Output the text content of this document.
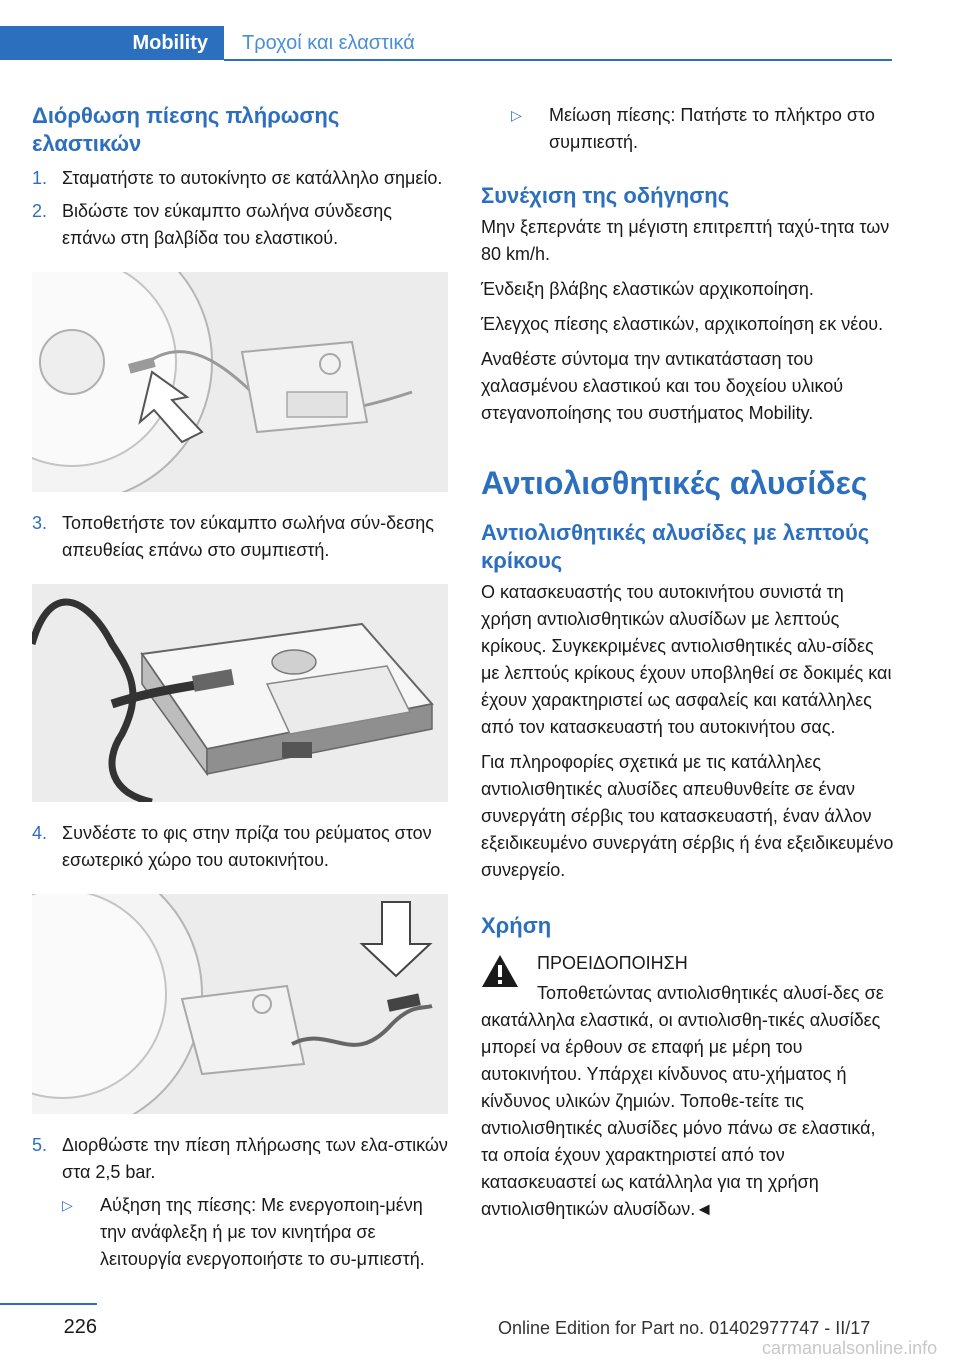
Mobility	Τροχοί και ελαστικά
Διόρθωση πίεσης πλήρωσης ελαστικών
1. Σταματήστε το αυτοκίνητο σε κατάλληλο σημείο.
2. Βιδώστε τον εύκαμπτο σωλήνα σύνδεσης επάνω στη βαλβίδα του ελαστικού.
3. Τοποθετήστε τον εύκαμπτο σωλήνα σύν‐δεσης απευθείας επάνω στο συμπιεστή.
4. Συνδέστε το φις στην πρίζα του ρεύματος στον εσωτερικό χώρο του αυτοκινήτου.
5. Διορθώστε την πίεση πλήρωσης των ελα‐στικών στα 2,5 bar.
▷ Αύξηση της πίεσης: Με ενεργοποιη‐μένη την ανάφλεξη ή με τον κινητήρα σε λειτουργία ενεργοποιήστε το συ‐μπιεστή.
▷ Μείωση πίεσης: Πατήστε το πλήκτρο στο συμπιεστή.
Συνέχιση της οδήγησης
Μην ξεπερνάτε τη μέγιστη επιτρεπτή ταχύ‐τητα των 80 km/h.
Ένδειξη βλάβης ελαστικών αρχικοποίηση.
Έλεγχος πίεσης ελαστικών, αρχικοποίηση εκ νέου.
Αναθέστε σύντομα την αντικατάσταση του χαλασμένου ελαστικού και του δοχείου υλικού στεγανοποίησης του συστήματος Mobility.
Αντιολισθητικές αλυσίδες
Αντιολισθητικές αλυσίδες με λεπτούς κρίκους
Ο κατασκευαστής του αυτοκινήτου συνιστά τη χρήση αντιολισθητικών αλυσίδων με λεπτούς κρίκους. Συγκεκριμένες αντιολισθητικές αλυ‐σίδες με λεπτούς κρίκους έχουν υποβληθεί σε δοκιμές και έχουν χαρακτηριστεί ως ασφαλείς και κατάλληλες από τον κατασκευαστή του αυτοκινήτου σας.
Για πληροφορίες σχετικά με τις κατάλληλες αντιολισθητικές αλυσίδες απευθυνθείτε σε έναν συνεργάτη σέρβις του κατασκευαστή, έναν άλλον εξειδικευμένο συνεργάτη σέρβις ή ένα εξειδικευμένο συνεργείο.
Χρήση
ΠΡΟΕΙΔΟΠΟΙΗΣΗ
Τοποθετώντας αντιολισθητικές αλυσί‐δες σε ακατάλληλα ελαστικά, οι αντιολισθη‐τικές αλυσίδες μπορεί να έρθουν σε επαφή με μέρη του αυτοκινήτου. Υπάρχει κίνδυνος ατυ‐χήματος ή κίνδυνος υλικών ζημιών. Τοποθε‐τείτε τις αντιολισθητικές αλυσίδες μόνο πάνω σε ελαστικά, τα οποία έχουν χαρακτηριστεί από τον κατασκευαστεί ως κατάλληλα για τη χρήση αντιολισθητικών αλυσίδων.◄
226	Online Edition for Part no. 01402977747 - II/17
carmanualsonline.info
